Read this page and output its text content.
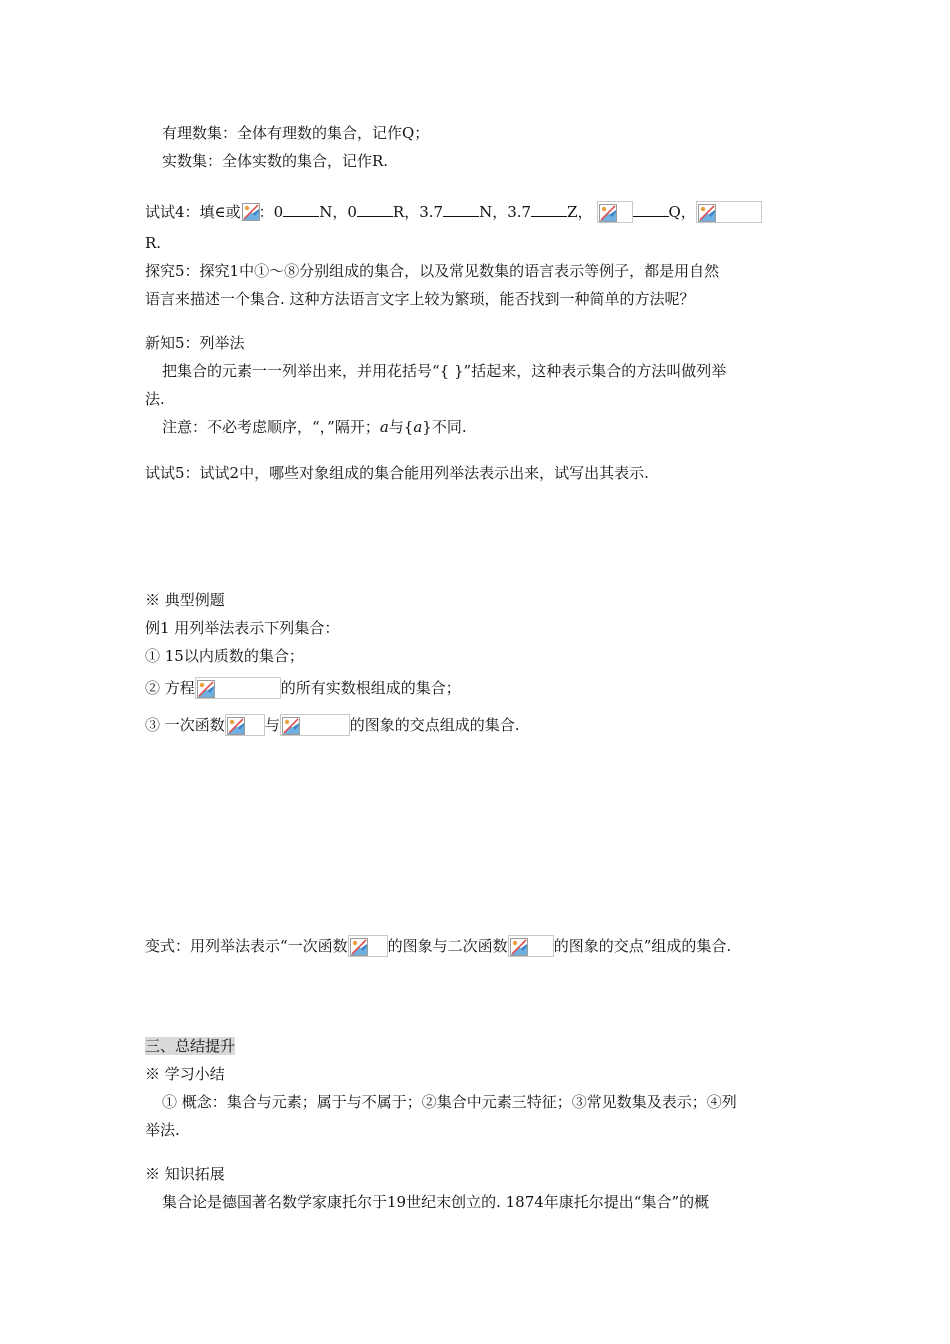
有理数集：全体有理数的集合，记作Q；
实数集：全体实数的集合，记作R.
试试4：填∈或 ：0 N，0 R，3.7 N，3.7 Z，	Q，
R.
探究5：探究1中①～⑧分别组成的集合，以及常见数集的语言表示等例子，都是用自然
语言来描述一个集合. 这种方法语言文字上较为繁琐，能否找到一种简单的方法呢？
新知5：列举法
把集合的元素一一列举出来，并用花括号“{ }”括起来，这种表示集合的方法叫做列举
法.
注意：不必考虑顺序，“，”隔开；a与{a}不同.
试试5：试试2中，哪些对象组成的集合能用列举法表示出来，试写出其表示.
※ 典型例题
例1 用列举法表示下列集合：
① 15以内质数的集合；
② 方程	的所有实数根组成的集合；
③ 一次函数	与	的图象的交点组成的集合.
变式：用列举法表示“一次函数	的图象与二次函数	的图象的交点”组成的集合.
三、总结提升
※ 学习小结
① 概念：集合与元素；属于与不属于；②集合中元素三特征；③常见数集及表示；④列
举法.
※ 知识拓展
集合论是德国著名数学家康托尔于19世纪末创立的. 1874年康托尔提出“集合”的概
